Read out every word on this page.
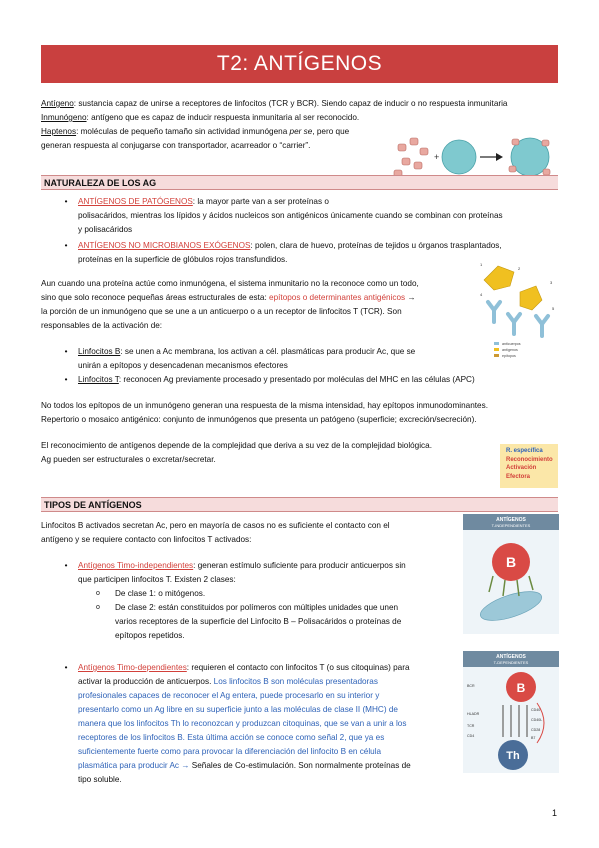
T2: ANTÍGENOS

Antígeno: sustancia capaz de unirse a receptores de linfocitos (TCR y BCR). Siendo capaz de inducir o no respuesta inmunitaria

Inmunógeno: antígeno que es capaz de inducir respuesta inmunitaria al ser reconocido.

Haptenos: moléculas de pequeño tamaño sin actividad inmunógena per se, pero que

generan respuesta al conjugarse con transportador, acarreador o “carrier”.

+
NATURALEZA DE LOS AG
•	ANTÍGENOS DE PATÓGENOS: la mayor parte van a ser proteínas o

polisacáridos, mientras los lípidos y ácidos nucleicos son antigénicos únicamente cuando se combinan con proteínas

y polisacáridos

•	ANTÍGENOS NO MICROBIANOS EXÓGENOS: polen, clara de huevo, proteínas de tejidos u órganos trasplantados,

proteínas en la superficie de glóbulos rojos transfundidos.

Aun cuando una proteína actúe como inmunógena, el sistema inmunitario no la reconoce como un todo,

sino que solo reconoce pequeñas áreas estructurales de esta: epítopos o determinantes antigénicos →

la porción de un inmunógeno que se une a un anticuerpo o a un receptor de linfocitos T (TCR). Son

responsables de la activación de:

•	Linfocitos B: se unen a Ac membrana, los activan a cél. plasmáticas para producir Ac, que se

unirán a epítopos y desencadenan mecanismos efectores

•	Linfocitos T: reconocen Ag previamente procesado y presentado por moléculas del MHC en las células (APC)

No todos los epítopos de un inmunógeno generan una respuesta de la misma intensidad, hay epítopos inmunodominantes.

Repertorio o mosaico antigénico: conjunto de inmunógenos que presenta un patógeno (superficie; excreción/secreción).

El reconocimiento de antígenos depende de la complejidad que deriva a su vez de la complejidad biológica.

Ag pueden ser estructurales o excretar/secretar.

1
2
3
4
5
anticuerpos
antígenos
epítopos
R. específica
Reconocimiento
Activación
Efectora
TIPOS DE ANTÍGENOS

Linfocitos B activados secretan Ac, pero en mayoría de casos no es suficiente el contacto con el

antígeno y se requiere contacto con linfocitos T activados:

•	Antígenos Timo-independientes: generan estímulo suficiente para producir anticuerpos sin

que participen linfocitos T. Existen 2 clases:

o De clase 1: o mitógenos.

o De clase 2: están constituidos por polímeros con múltiples unidades que unen

varios receptores de la superficie del Linfocito B – Polisacáridos o proteínas de

epítopos repetidos.

•	Antígenos Timo-dependientes: requieren el contacto con linfocitos T (o sus citoquinas) para

activar la producción de anticuerpos. Los linfocitos B son moléculas presentadoras

profesionales capaces de reconocer el Ag entera, puede procesarlo en su interior y

presentarlo como un Ag libre en su superficie junto a las moléculas de clase II (MHC) de

manera que los linfocitos Th lo reconozcan y produzcan citoquinas, que se van a unir a los

receptores de los linfocitos B. Esta última acción se conoce como señal 2, que ya es

suficientemente fuerte como para provocar la diferenciación del linfocito B en célula

plasmática para producir Ac → Señales de Co-estimulación. Son normalmente proteínas de

tipo soluble.

ANTÍGENOS
T-INDEPENDIENTES
B
ANTÍGENOS
T-DEPENDIENTES
B
Th
BCR
HLADR
TCR
CD4
CD40
CD40L
CD28
B7
1
